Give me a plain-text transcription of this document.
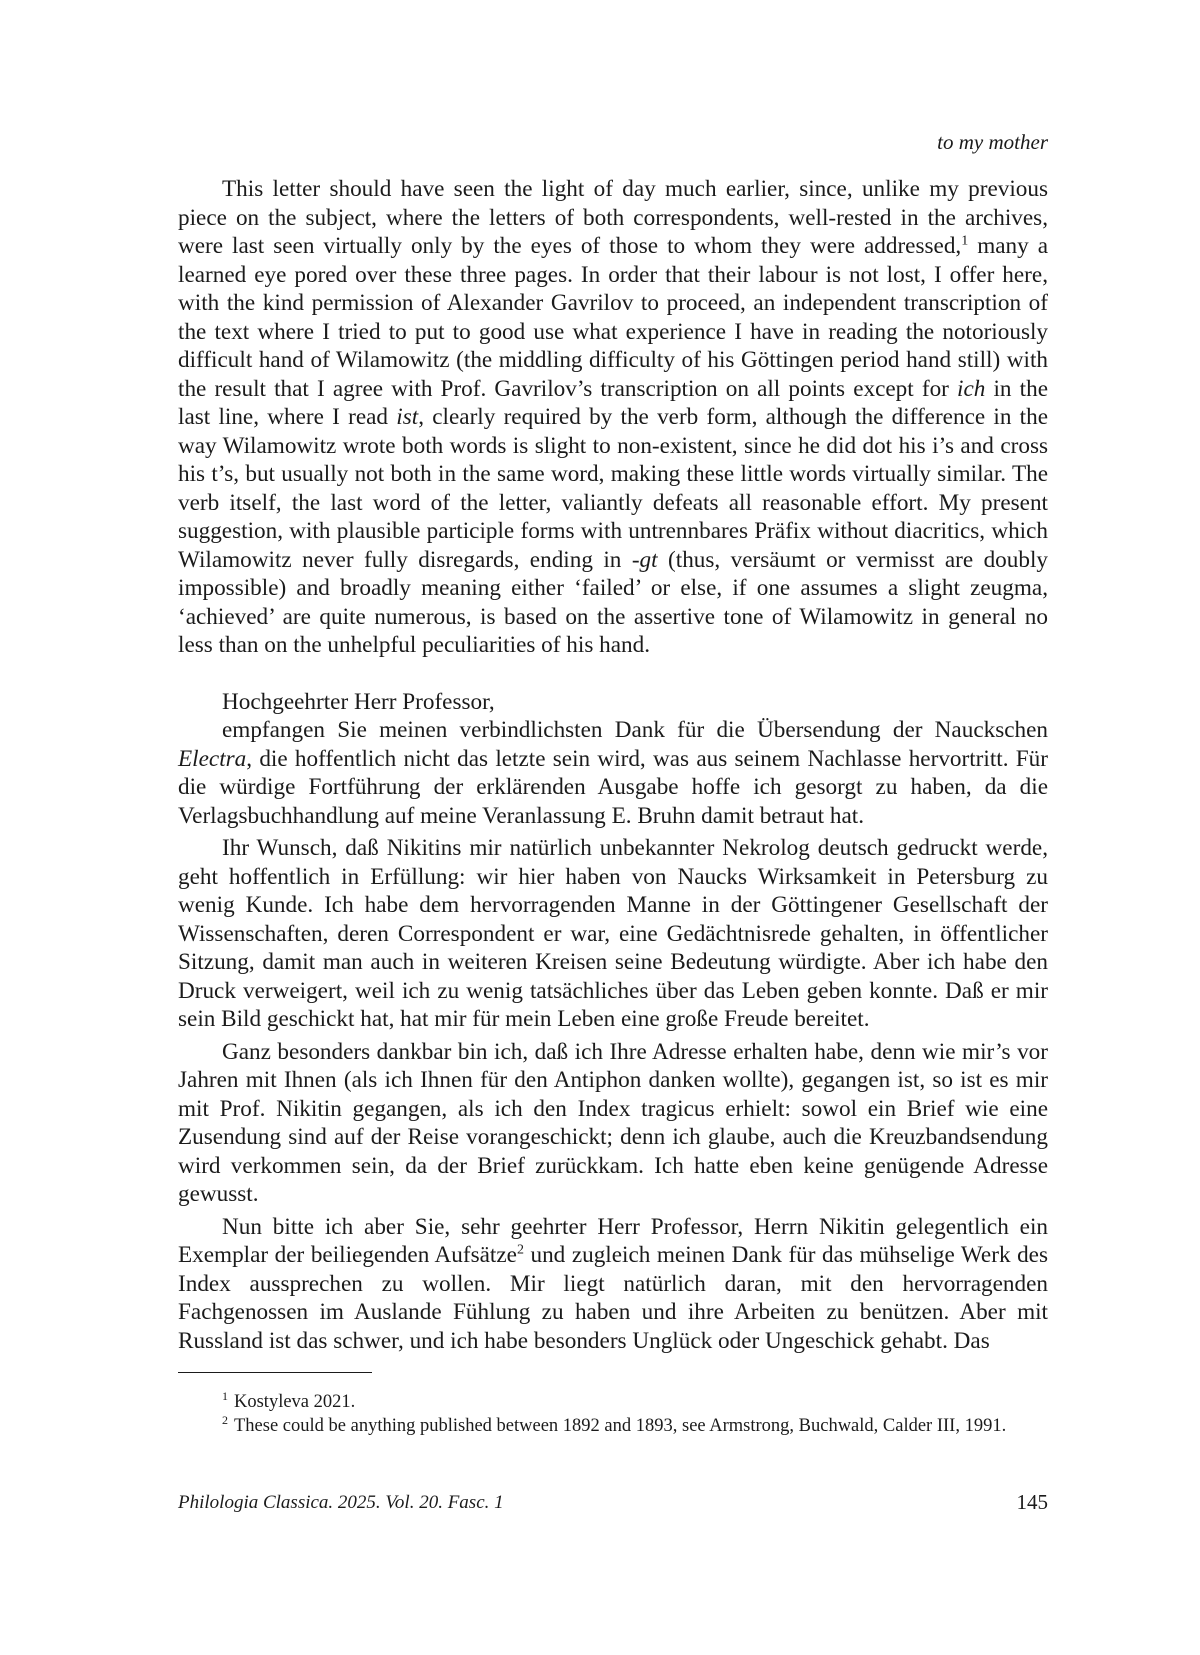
to my mother

This letter should have seen the light of day much earlier, since, unlike my previous piece on the subject, where the letters of both correspondents, well-rested in the archives, were last seen virtually only by the eyes of those to whom they were addressed,$^1$ many a learned eye pored over these three pages. In order that their labour is not lost, I offer here, with the kind permission of Alexander Gavrilov to proceed, an independent transcription of the text where I tried to put to good use what experience I have in reading the notoriously difficult hand of Wilamowitz (the middling difficulty of his Göttingen period hand still) with the result that I agree with Prof. Gavrilov’s transcription on all points except for ich in the last line, where I read ist, clearly required by the verb form, although the difference in the way Wilamowitz wrote both words is slight to non-existent, since he did dot his i’s and cross his t’s, but usually not both in the same word, making these little words virtually similar. The verb itself, the last word of the letter, valiantly defeats all reasonable effort. My present suggestion, with plausible participle forms with untrennbares Präfix without diacritics, which Wilamowitz never fully disregards, ending in -gt (thus, versäumt or vermisst are doubly impossible) and broadly meaning either ‘failed’ or else, if one assumes a slight zeugma, ‘achieved’ are quite numerous, is based on the assertive tone of Wilamowitz in general no less than on the unhelpful peculiarities of his hand.

Hochgeehrter Herr Professor,

empfangen Sie meinen verbindlichsten Dank für die Übersendung der Nauckschen Electra, die hoffentlich nicht das letzte sein wird, was aus seinem Nachlasse hervortritt. Für die würdige Fortführung der erklärenden Ausgabe hoffe ich gesorgt zu haben, da die Verlagsbuchhandlung auf meine Veranlassung E. Bruhn damit betraut hat.

Ihr Wunsch, daß Nikitins mir natürlich unbekannter Nekrolog deutsch gedruckt werde, geht hoffentlich in Erfüllung: wir hier haben von Naucks Wirksamkeit in Petersburg zu wenig Kunde. Ich habe dem hervorragenden Manne in der Göttingener Gesellschaft der Wissenschaften, deren Correspondent er war, eine Gedächtnisrede gehalten, in öffentlicher Sitzung, damit man auch in weiteren Kreisen seine Bedeutung würdigte. Aber ich habe den Druck verweigert, weil ich zu wenig tatsächliches über das Leben geben konnte. Daß er mir sein Bild geschickt hat, hat mir für mein Leben eine große Freude bereitet.

Ganz besonders dankbar bin ich, daß ich Ihre Adresse erhalten habe, denn wie mir’s vor Jahren mit Ihnen (als ich Ihnen für den Antiphon danken wollte), gegangen ist, so ist es mir mit Prof. Nikitin gegangen, als ich den Index tragicus erhielt: sowol ein Brief wie eine Zusendung sind auf der Reise vorangeschickt; denn ich glaube, auch die Kreuzbandsendung wird verkommen sein, da der Brief zurückkam. Ich hatte eben keine genügende Adresse gewusst.

Nun bitte ich aber Sie, sehr geehrter Herr Professor, Herrn Nikitin gelegentlich ein Exemplar der beiliegenden Aufsätze$^2$ und zugleich meinen Dank für das mühselige Werk des Index aussprechen zu wollen. Mir liegt natürlich daran, mit den hervorragenden Fachgenossen im Auslande Fühlung zu haben und ihre Arbeiten zu benützen. Aber mit Russland ist das schwer, und ich habe besonders Unglück oder Ungeschick gehabt. Das

$^1$ Kostyleva 2021.

$^2$ These could be anything published between 1892 and 1893, see Armstrong, Buchwald, Calder III, 1991.

Philologia Classica. 2025. Vol. 20. Fasc. 1	145
